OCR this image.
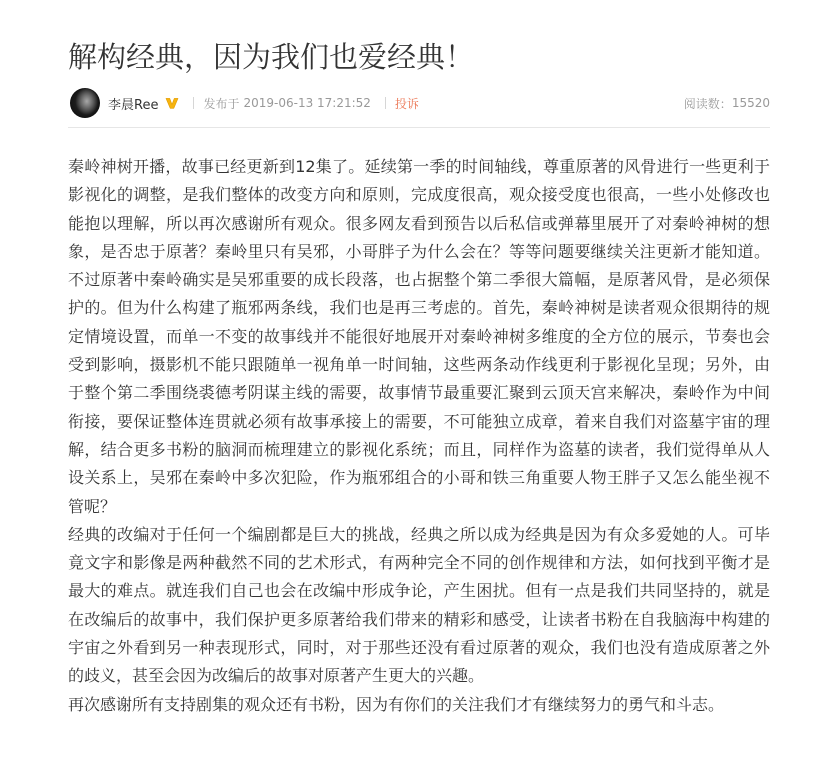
解构经典，因为我们也爱经典！
李晨Ree	发布于 2019-06-13 17:21:52 投诉	阅读数： 15520
秦岭神树开播，故事已经更新到12集了。延续第一季的时间轴线，尊重原著的风骨进行一些更利于
影视化的调整，是我们整体的改变方向和原则，完成度很高，观众接受度也很高，一些小处修改也
能抱以理解，所以再次感谢所有观众。很多网友看到预告以后私信或弹幕里展开了对秦岭神树的想
象，是否忠于原著？秦岭里只有吴邪，小哥胖子为什么会在？等等问题要继续关注更新才能知道。
不过原著中秦岭确实是吴邪重要的成长段落，也占据整个第二季很大篇幅，是原著风骨，是必须保
护的。但为什么构建了瓶邪两条线，我们也是再三考虑的。首先，秦岭神树是读者观众很期待的规
定情境设置，而单一不变的故事线并不能很好地展开对秦岭神树多维度的全方位的展示，节奏也会
受到影响，摄影机不能只跟随单一视角单一时间轴，这些两条动作线更利于影视化呈现；另外，由
于整个第二季围绕裘德考阴谋主线的需要，故事情节最重要汇聚到云顶天宫来解决，秦岭作为中间
衔接，要保证整体连贯就必须有故事承接上的需要，不可能独立成章，着来自我们对盗墓宇宙的理
解，结合更多书粉的脑洞而梳理建立的影视化系统；而且，同样作为盗墓的读者，我们觉得单从人
设关系上，吴邪在秦岭中多次犯险，作为瓶邪组合的小哥和铁三角重要人物王胖子又怎么能坐视不
管呢？
经典的改编对于任何一个编剧都是巨大的挑战，经典之所以成为经典是因为有众多爱她的人。可毕
竟文字和影像是两种截然不同的艺术形式，有两种完全不同的创作规律和方法，如何找到平衡才是
最大的难点。就连我们自己也会在改编中形成争论，产生困扰。但有一点是我们共同坚持的，就是
在改编后的故事中，我们保护更多原著给我们带来的精彩和感受，让读者书粉在自我脑海中构建的
宇宙之外看到另一种表现形式，同时，对于那些还没有看过原著的观众，我们也没有造成原著之外
的歧义，甚至会因为改编后的故事对原著产生更大的兴趣。
再次感谢所有支持剧集的观众还有书粉，因为有你们的关注我们才有继续努力的勇气和斗志。
